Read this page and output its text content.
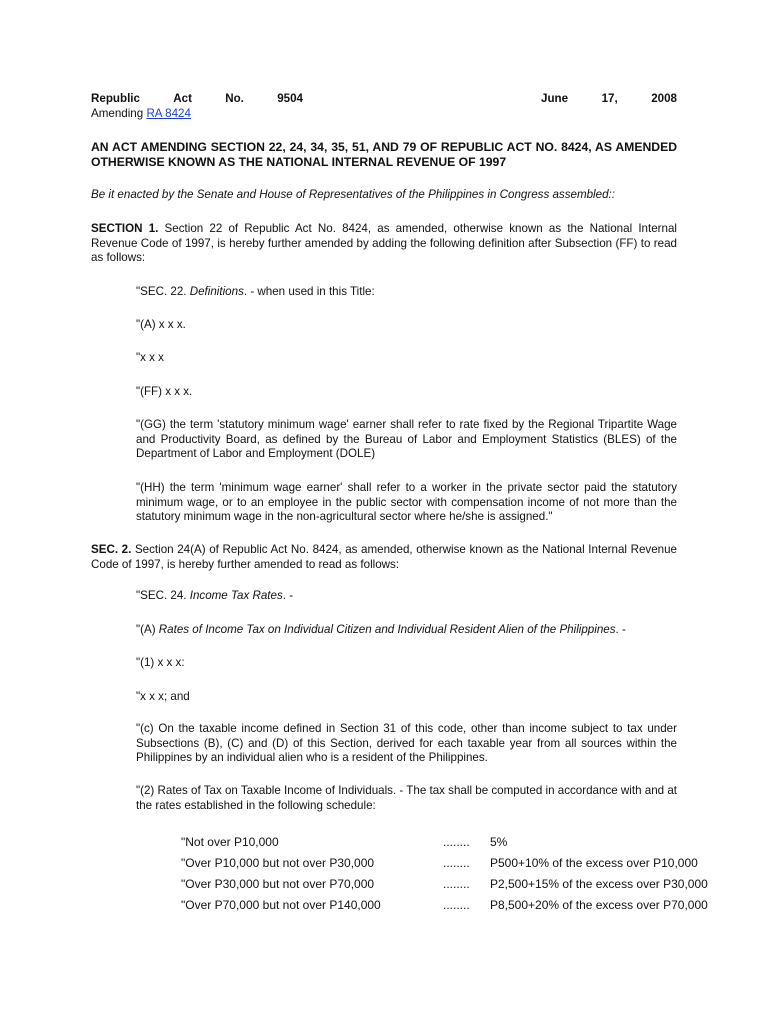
Republic	Act	No.	9504	June	17,	2008
Amending RA 8424
AN ACT AMENDING SECTION 22, 24, 34, 35, 51, AND 79 OF REPUBLIC ACT NO. 8424, AS AMENDED OTHERWISE KNOWN AS THE NATIONAL INTERNAL REVENUE OF 1997
Be it enacted by the Senate and House of Representatives of the Philippines in Congress assembled::
SECTION 1. Section 22 of Republic Act No. 8424, as amended, otherwise known as the National Internal Revenue Code of 1997, is hereby further amended by adding the following definition after Subsection (FF) to read as follows:
"SEC. 22. Definitions. - when used in this Title:
"(A) x x x.
"x x x
"(FF) x x x.
"(GG) the term 'statutory minimum wage' earner shall refer to rate fixed by the Regional Tripartite Wage and Productivity Board, as defined by the Bureau of Labor and Employment Statistics (BLES) of the Department of Labor and Employment (DOLE)
"(HH) the term 'minimum wage earner' shall refer to a worker in the private sector paid the statutory minimum wage, or to an employee in the public sector with compensation income of not more than the statutory minimum wage in the non-agricultural sector where he/she is assigned."
SEC. 2. Section 24(A) of Republic Act No. 8424, as amended, otherwise known as the National Internal Revenue Code of 1997, is hereby further amended to read as follows:
"SEC. 24. Income Tax Rates. -
"(A) Rates of Income Tax on Individual Citizen and Individual Resident Alien of the Philippines. -
"(1) x x x:
"x x x; and
"(c) On the taxable income defined in Section 31 of this code, other than income subject to tax under Subsections (B), (C) and (D) of this Section, derived for each taxable year from all sources within the Philippines by an individual alien who is a resident of the Philippines.
"(2) Rates of Tax on Taxable Income of Individuals. - The tax shall be computed in accordance with and at the rates established in the following schedule:
"Not over P10,000	........ 5%
"Over P10,000 but not over P30,000	........ P500+10% of the excess over P10,000
"Over P30,000 but not over P70,000	........ P2,500+15% of the excess over P30,000
"Over P70,000 but not over P140,000	........ P8,500+20% of the excess over P70,000
